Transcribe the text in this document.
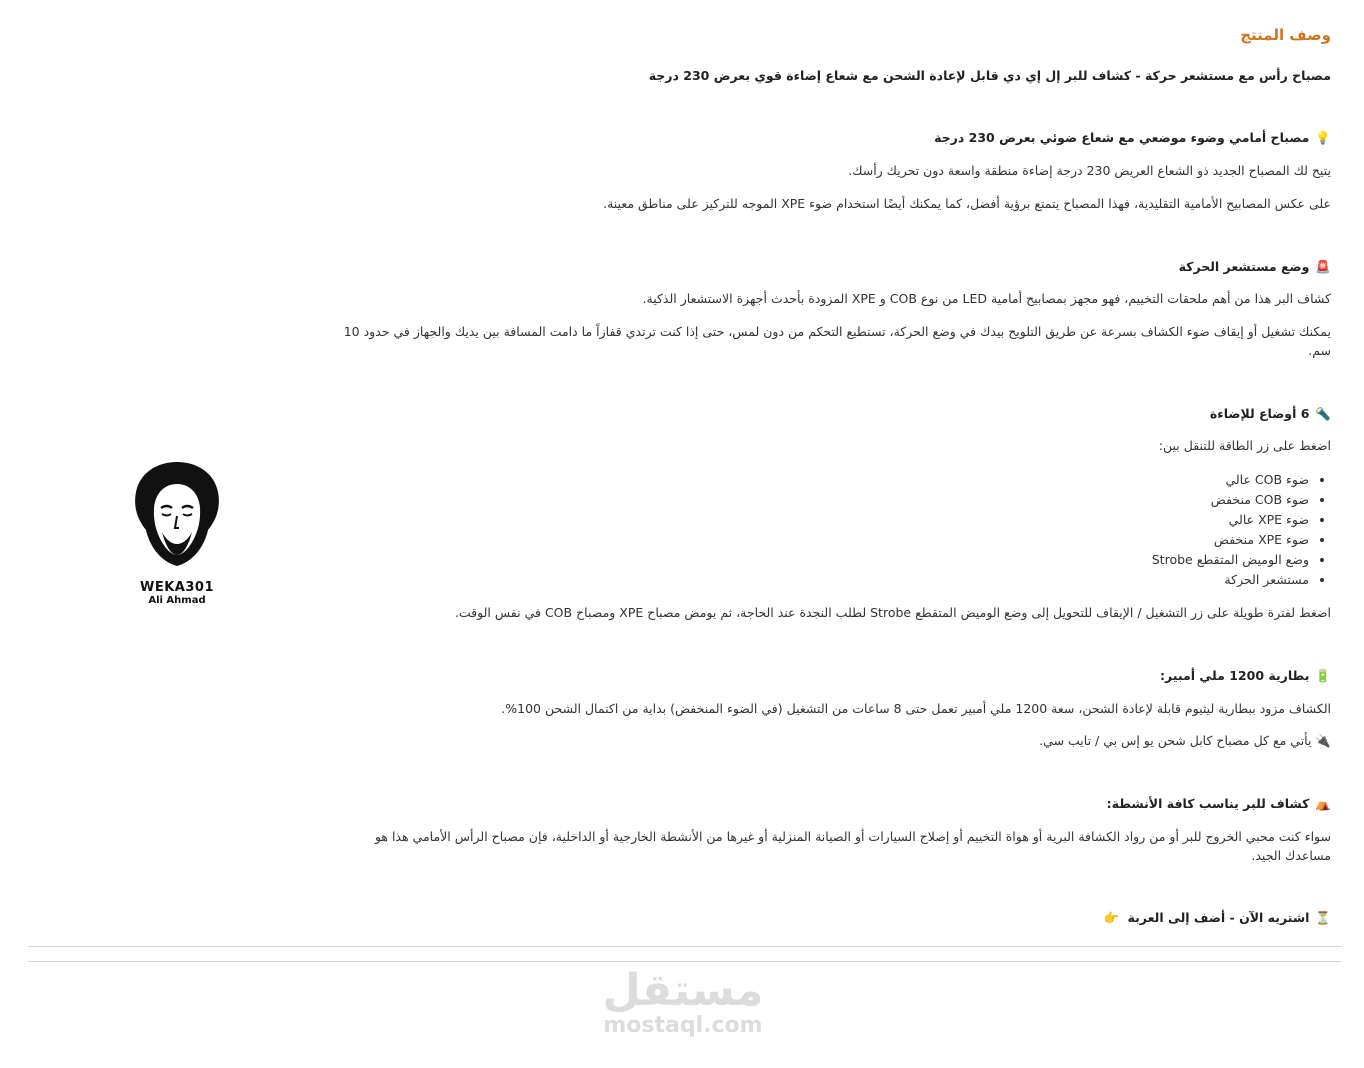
وصف المنتج
مصباح رأس مع مستشعر حركة - كشاف للبر إل إي دي قابل لإعادة الشحن مع شعاع إضاءة قوي بعرض 230 درجة
💡مصباح أمامي وضوء موضعي مع شعاع ضوئي بعرض 230 درجة

يتيح لك المصباح الجديد ذو الشعاع العريض 230 درجة إضاءة منطقة واسعة دون تحريك رأسك.

على عكس المصابيح الأمامية التقليدية، فهذا المصباح يتمتع برؤية أفضل، كما يمكنك أيضًا استخدام ضوء XPE الموجه للتركيز على مناطق معينة.

🚨وضع مستشعر الحركة

كشاف البر هذا من أهم ملحقات التخييم، فهو مجهز بمصابيح أمامية LED من نوع COB و XPE المزودة بأحدث أجهزة الاستشعار الذكية.

يمكنك تشغيل أو إيقاف ضوء الكشاف بسرعة عن طريق التلويح بيدك في وضع الحركة، تستطيع التحكم من دون لمس، حتى إذا كنت ترتدي قفازاً ما دامت المسافة بين يديك والجهاز في حدود 10 سم.

🔦6 أوضاع للإضاءة

اضغط على زر الطاقة للتنقل بين:

• ضوء COB عالي
• ضوء COB منخفض
• ضوء XPE عالي
• ضوء XPE منخفض
• وضع الوميض المتقطع Strobe
• مستشعر الحركة

اضغط لفترة طويلة على زر التشغيل / الإيقاف للتحويل إلى وضع الوميض المتقطع Strobe لطلب النجدة عند الحاجة، ثم يومض مصباح XPE ومصباح COB في نفس الوقت.

🔋بطارية 1200 ملي أمبير:

الكشاف مزود ببطارية ليثيوم قابلة لإعادة الشحن، سعة 1200 ملي أمبير تعمل حتى 8 ساعات من التشغيل (في الضوء المنخفض) بداية من اكتمال الشحن 100%.

🔌 يأتي مع كل مصباح كابل شحن يو إس بي / تايب سي.

⛺كشاف للبر يناسب كافة الأنشطة:

سواء كنت محبي الخروج للبر أو من رواد الكشافة البرية أو هواة التخييم أو إصلاح السيارات أو الصيانة المنزلية أو غيرها من الأنشطة الخارجية أو الداخلية، فإن مصباح الرأس الأمامي هذا هو مساعدك الجيد.

⏳اشتريه الآن - أضف إلى العربة 👉
WEKA301
Ali Ahmad
مستقل
mostaql.com
